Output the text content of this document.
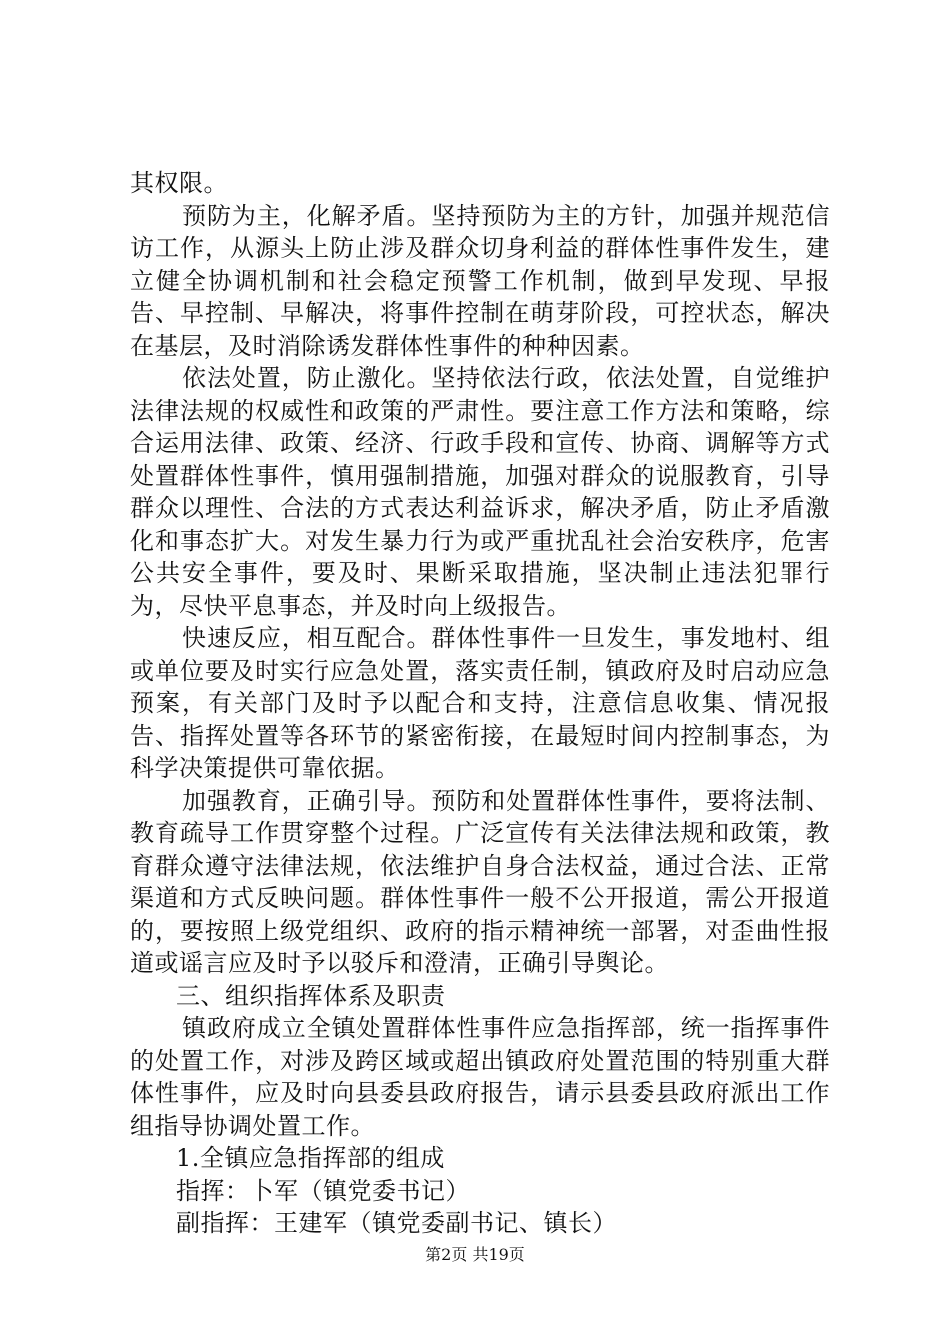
其权限。

预防为主，化解矛盾。坚持预防为主的方针，加强并规范信访工作，从源头上防止涉及群众切身利益的群体性事件发生，建立健全协调机制和社会稳定预警工作机制，做到早发现、早报告、早控制、早解决，将事件控制在萌芽阶段，可控状态，解决在基层，及时消除诱发群体性事件的种种因素。

依法处置，防止激化。坚持依法行政，依法处置，自觉维护法律法规的权威性和政策的严肃性。要注意工作方法和策略，综合运用法律、政策、经济、行政手段和宣传、协商、调解等方式处置群体性事件，慎用强制措施，加强对群众的说服教育，引导群众以理性、合法的方式表达利益诉求，解决矛盾，防止矛盾激化和事态扩大。对发生暴力行为或严重扰乱社会治安秩序，危害公共安全事件，要及时、果断采取措施，坚决制止违法犯罪行为，尽快平息事态，并及时向上级报告。

快速反应，相互配合。群体性事件一旦发生，事发地村、组或单位要及时实行应急处置，落实责任制，镇政府及时启动应急预案，有关部门及时予以配合和支持，注意信息收集、情况报告、指挥处置等各环节的紧密衔接，在最短时间内控制事态，为科学决策提供可靠依据。

加强教育，正确引导。预防和处置群体性事件，要将法制、教育疏导工作贯穿整个过程。广泛宣传有关法律法规和政策，教育群众遵守法律法规，依法维护自身合法权益，通过合法、正常渠道和方式反映问题。群体性事件一般不公开报道，需公开报道的，要按照上级党组织、政府的指示精神统一部署，对歪曲性报道或谣言应及时予以驳斥和澄清，正确引导舆论。

三、组织指挥体系及职责

镇政府成立全镇处置群体性事件应急指挥部，统一指挥事件的处置工作，对涉及跨区域或超出镇政府处置范围的特别重大群体性事件，应及时向县委县政府报告，请示县委县政府派出工作组指导协调处置工作。

1.全镇应急指挥部的组成

指挥：卜军（镇党委书记）

副指挥：王建军（镇党委副书记、镇长）

第2页 共19页
